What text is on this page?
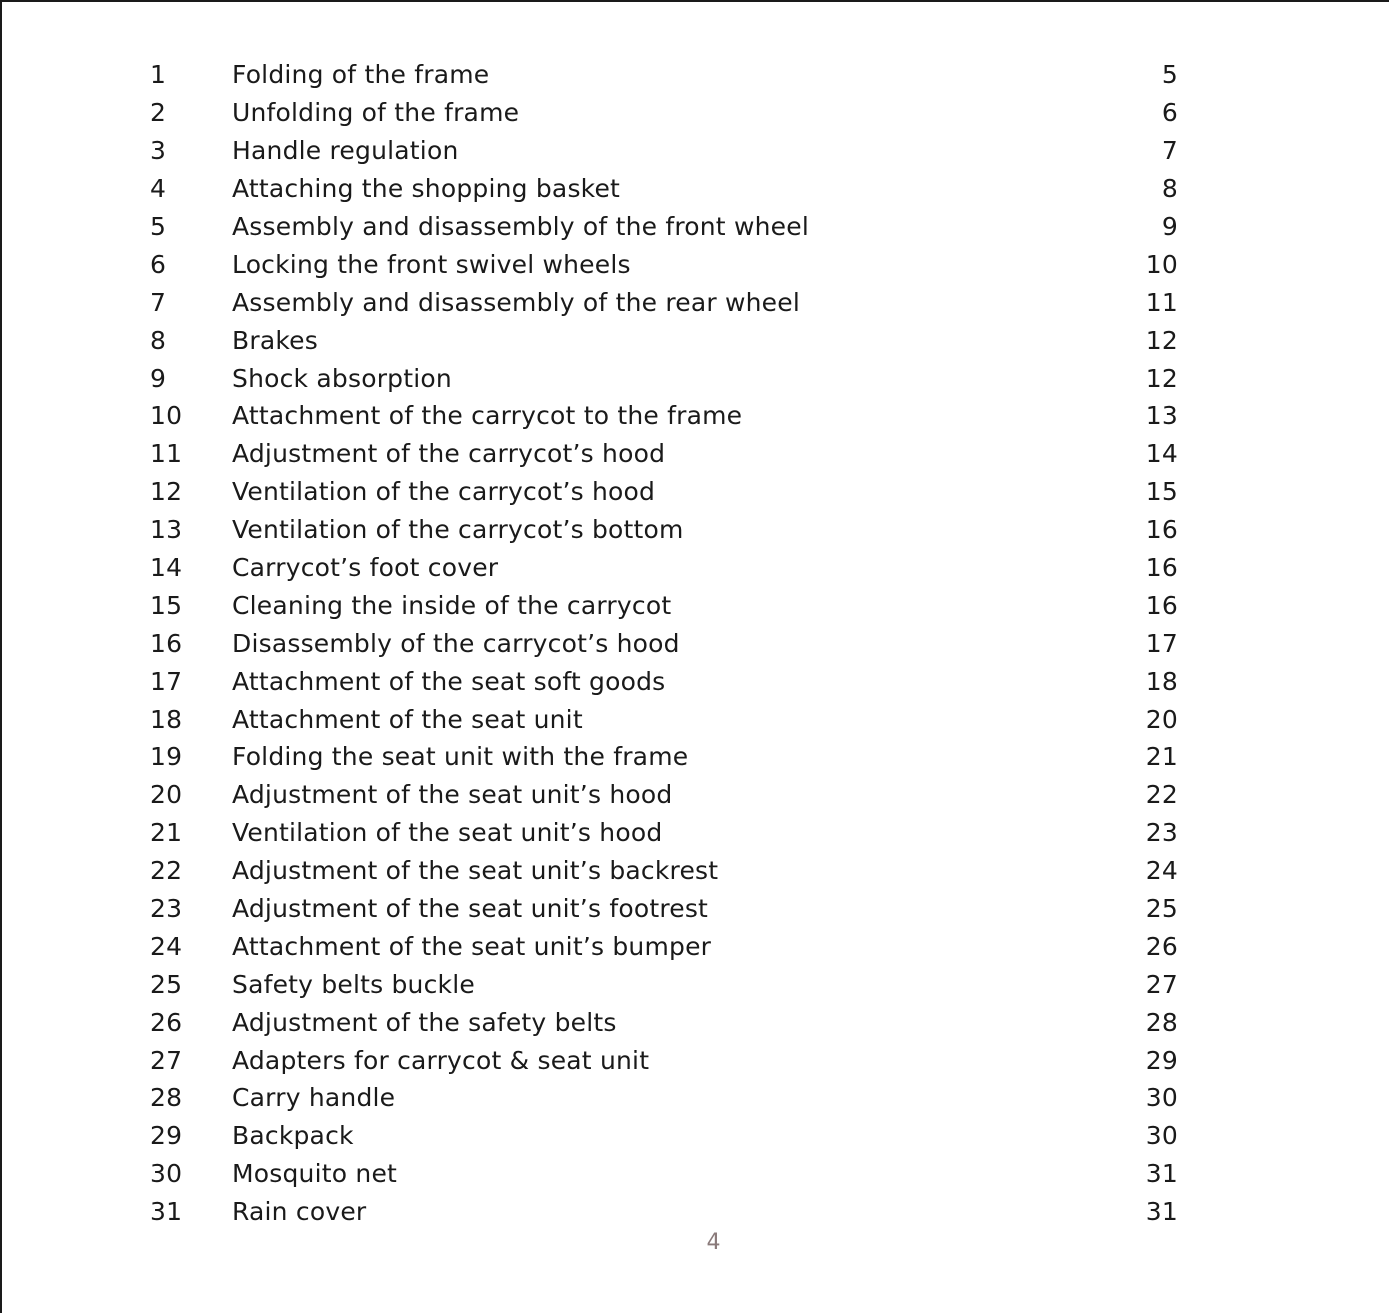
1	Folding of the frame	5
2	Unfolding of the frame	6
3	Handle regulation	7
4	Attaching the shopping basket	8
5	Assembly and disassembly of the front wheel	9
6	Locking the front swivel wheels	10
7	Assembly and disassembly of the rear wheel	11
8	Brakes	12
9	Shock absorption	12
10	Attachment of the carrycot to the frame	13
11	Adjustment of the carrycot’s hood	14
12	Ventilation of the carrycot’s hood	15
13	Ventilation of the carrycot’s bottom	16
14	Carrycot’s foot cover	16
15	Cleaning the inside of the carrycot	16
16	Disassembly of the carrycot’s hood	17
17	Attachment of the seat soft goods	18
18	Attachment of the seat unit	20
19	Folding the seat unit with the frame	21
20	Adjustment of the seat unit’s hood	22
21	Ventilation of the seat unit’s hood	23
22	Adjustment of the seat unit’s backrest	24
23	Adjustment of the seat unit’s footrest	25
24	Attachment of the seat unit’s bumper	26
25	Safety belts buckle	27
26	Adjustment of the safety belts	28
27	Adapters for carrycot & seat unit	29
28	Carry handle	30
29	Backpack	30
30	Mosquito net	31
31	Rain cover	31
4
